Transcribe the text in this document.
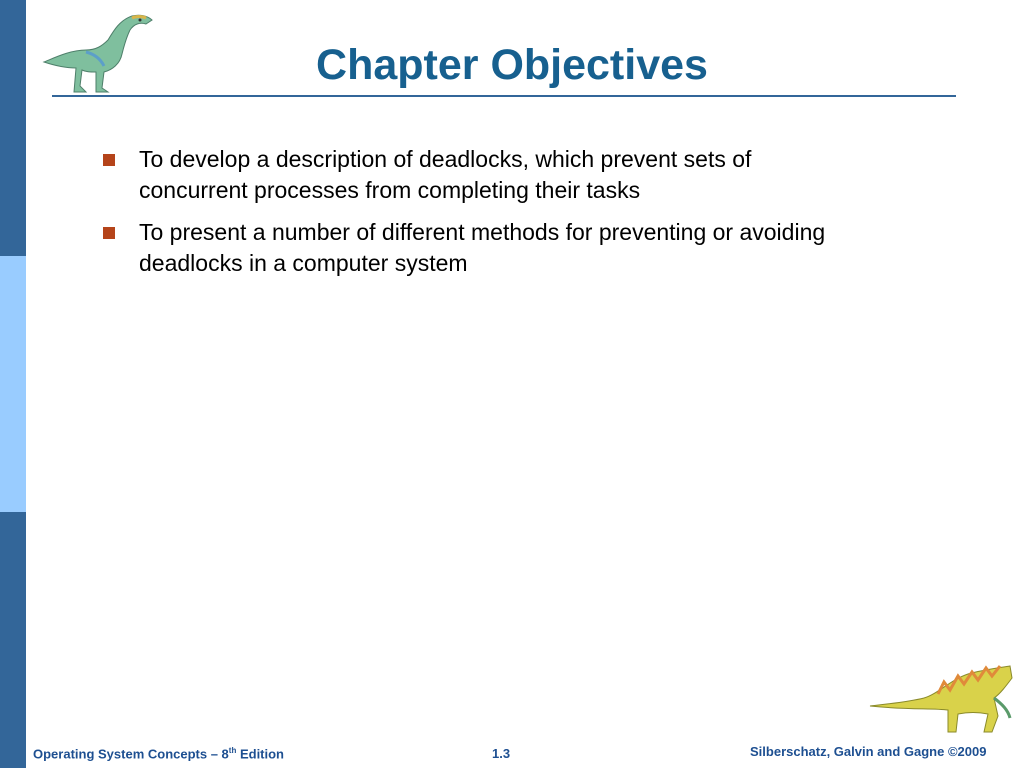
Chapter Objectives
To develop a description of deadlocks, which prevent sets of concurrent processes from completing their tasks
To present a number of different methods for preventing or avoiding deadlocks in a computer system
Operating System Concepts – 8th Edition	1.3	Silberschatz, Galvin and Gagne ©2009
